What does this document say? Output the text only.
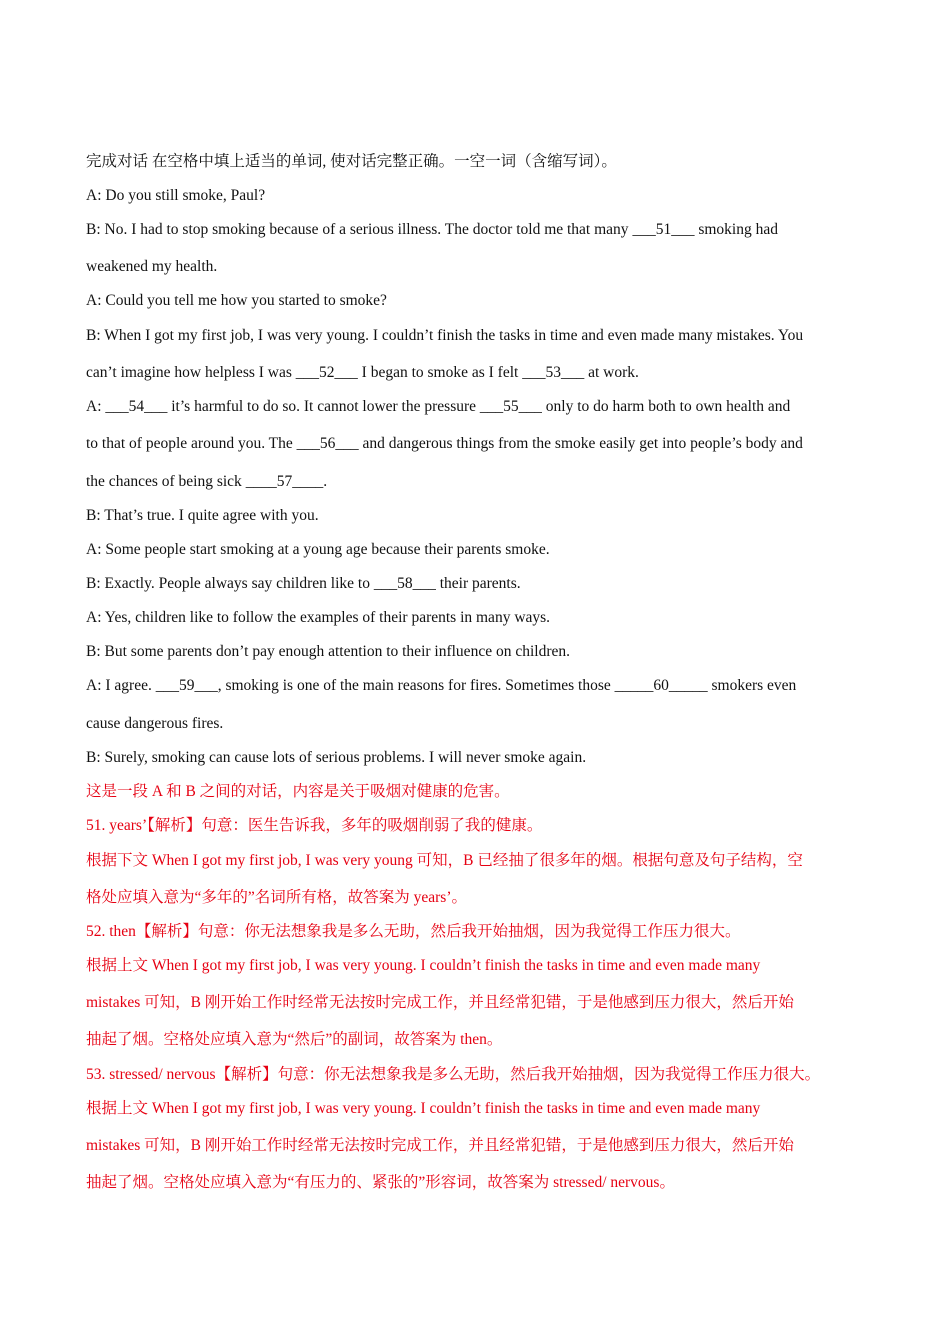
完成对话 在空格中填上适当的单词, 使对话完整正确。一空一词（含缩写词）。
A: Do you still smoke, Paul?
B: No. I had to stop smoking because of a serious illness. The doctor told me that many ___51___ smoking had
weakened my health.
A: Could you tell me how you started to smoke?
B: When I got my first job, I was very young. I couldn’t finish the tasks in time and even made many mistakes. You
can’t imagine how helpless I was ___52___ I began to smoke as I felt ___53___ at work.
A: ___54___ it’s harmful to do so. It cannot lower the pressure ___55___ only to do harm both to own health and
to that of people around you. The ___56___ and dangerous things from the smoke easily get into people’s body and
the chances of being sick ____57____.
B: That’s true. I quite agree with you.
A: Some people start smoking at a young age because their parents smoke.
B: Exactly. People always say children like to ___58___ their parents.
A: Yes, children like to follow the examples of their parents in many ways.
B: But some parents don’t pay enough attention to their influence on children.
A: I agree. ___59___, smoking is one of the main reasons for fires. Sometimes those _____60_____ smokers even
cause dangerous fires.
B: Surely, smoking can cause lots of serious problems. I will never smoke again.
这是一段 A 和 B 之间的对话，内容是关于吸烟对健康的危害。
51. years’【解析】句意：医生告诉我，多年的吸烟削弱了我的健康。
根据下文 When I got my first job, I was very young 可知，B 已经抽了很多年的烟。根据句意及句子结构，空
格处应填入意为“多年的”名词所有格，故答案为 years’。
52. then【解析】句意：你无法想象我是多么无助，然后我开始抽烟，因为我觉得工作压力很大。
根据上文 When I got my first job, I was very young. I couldn’t finish the tasks in time and even made many
mistakes 可知，B 刚开始工作时经常无法按时完成工作，并且经常犯错，于是他感到压力很大，然后开始
抽起了烟。空格处应填入意为“然后”的副词，故答案为 then。
53. stressed/ nervous【解析】句意：你无法想象我是多么无助，然后我开始抽烟，因为我觉得工作压力很大。
根据上文 When I got my first job, I was very young. I couldn’t finish the tasks in time and even made many
mistakes 可知，B 刚开始工作时经常无法按时完成工作，并且经常犯错，于是他感到压力很大，然后开始
抽起了烟。空格处应填入意为“有压力的、紧张的”形容词，故答案为 stressed/ nervous。
